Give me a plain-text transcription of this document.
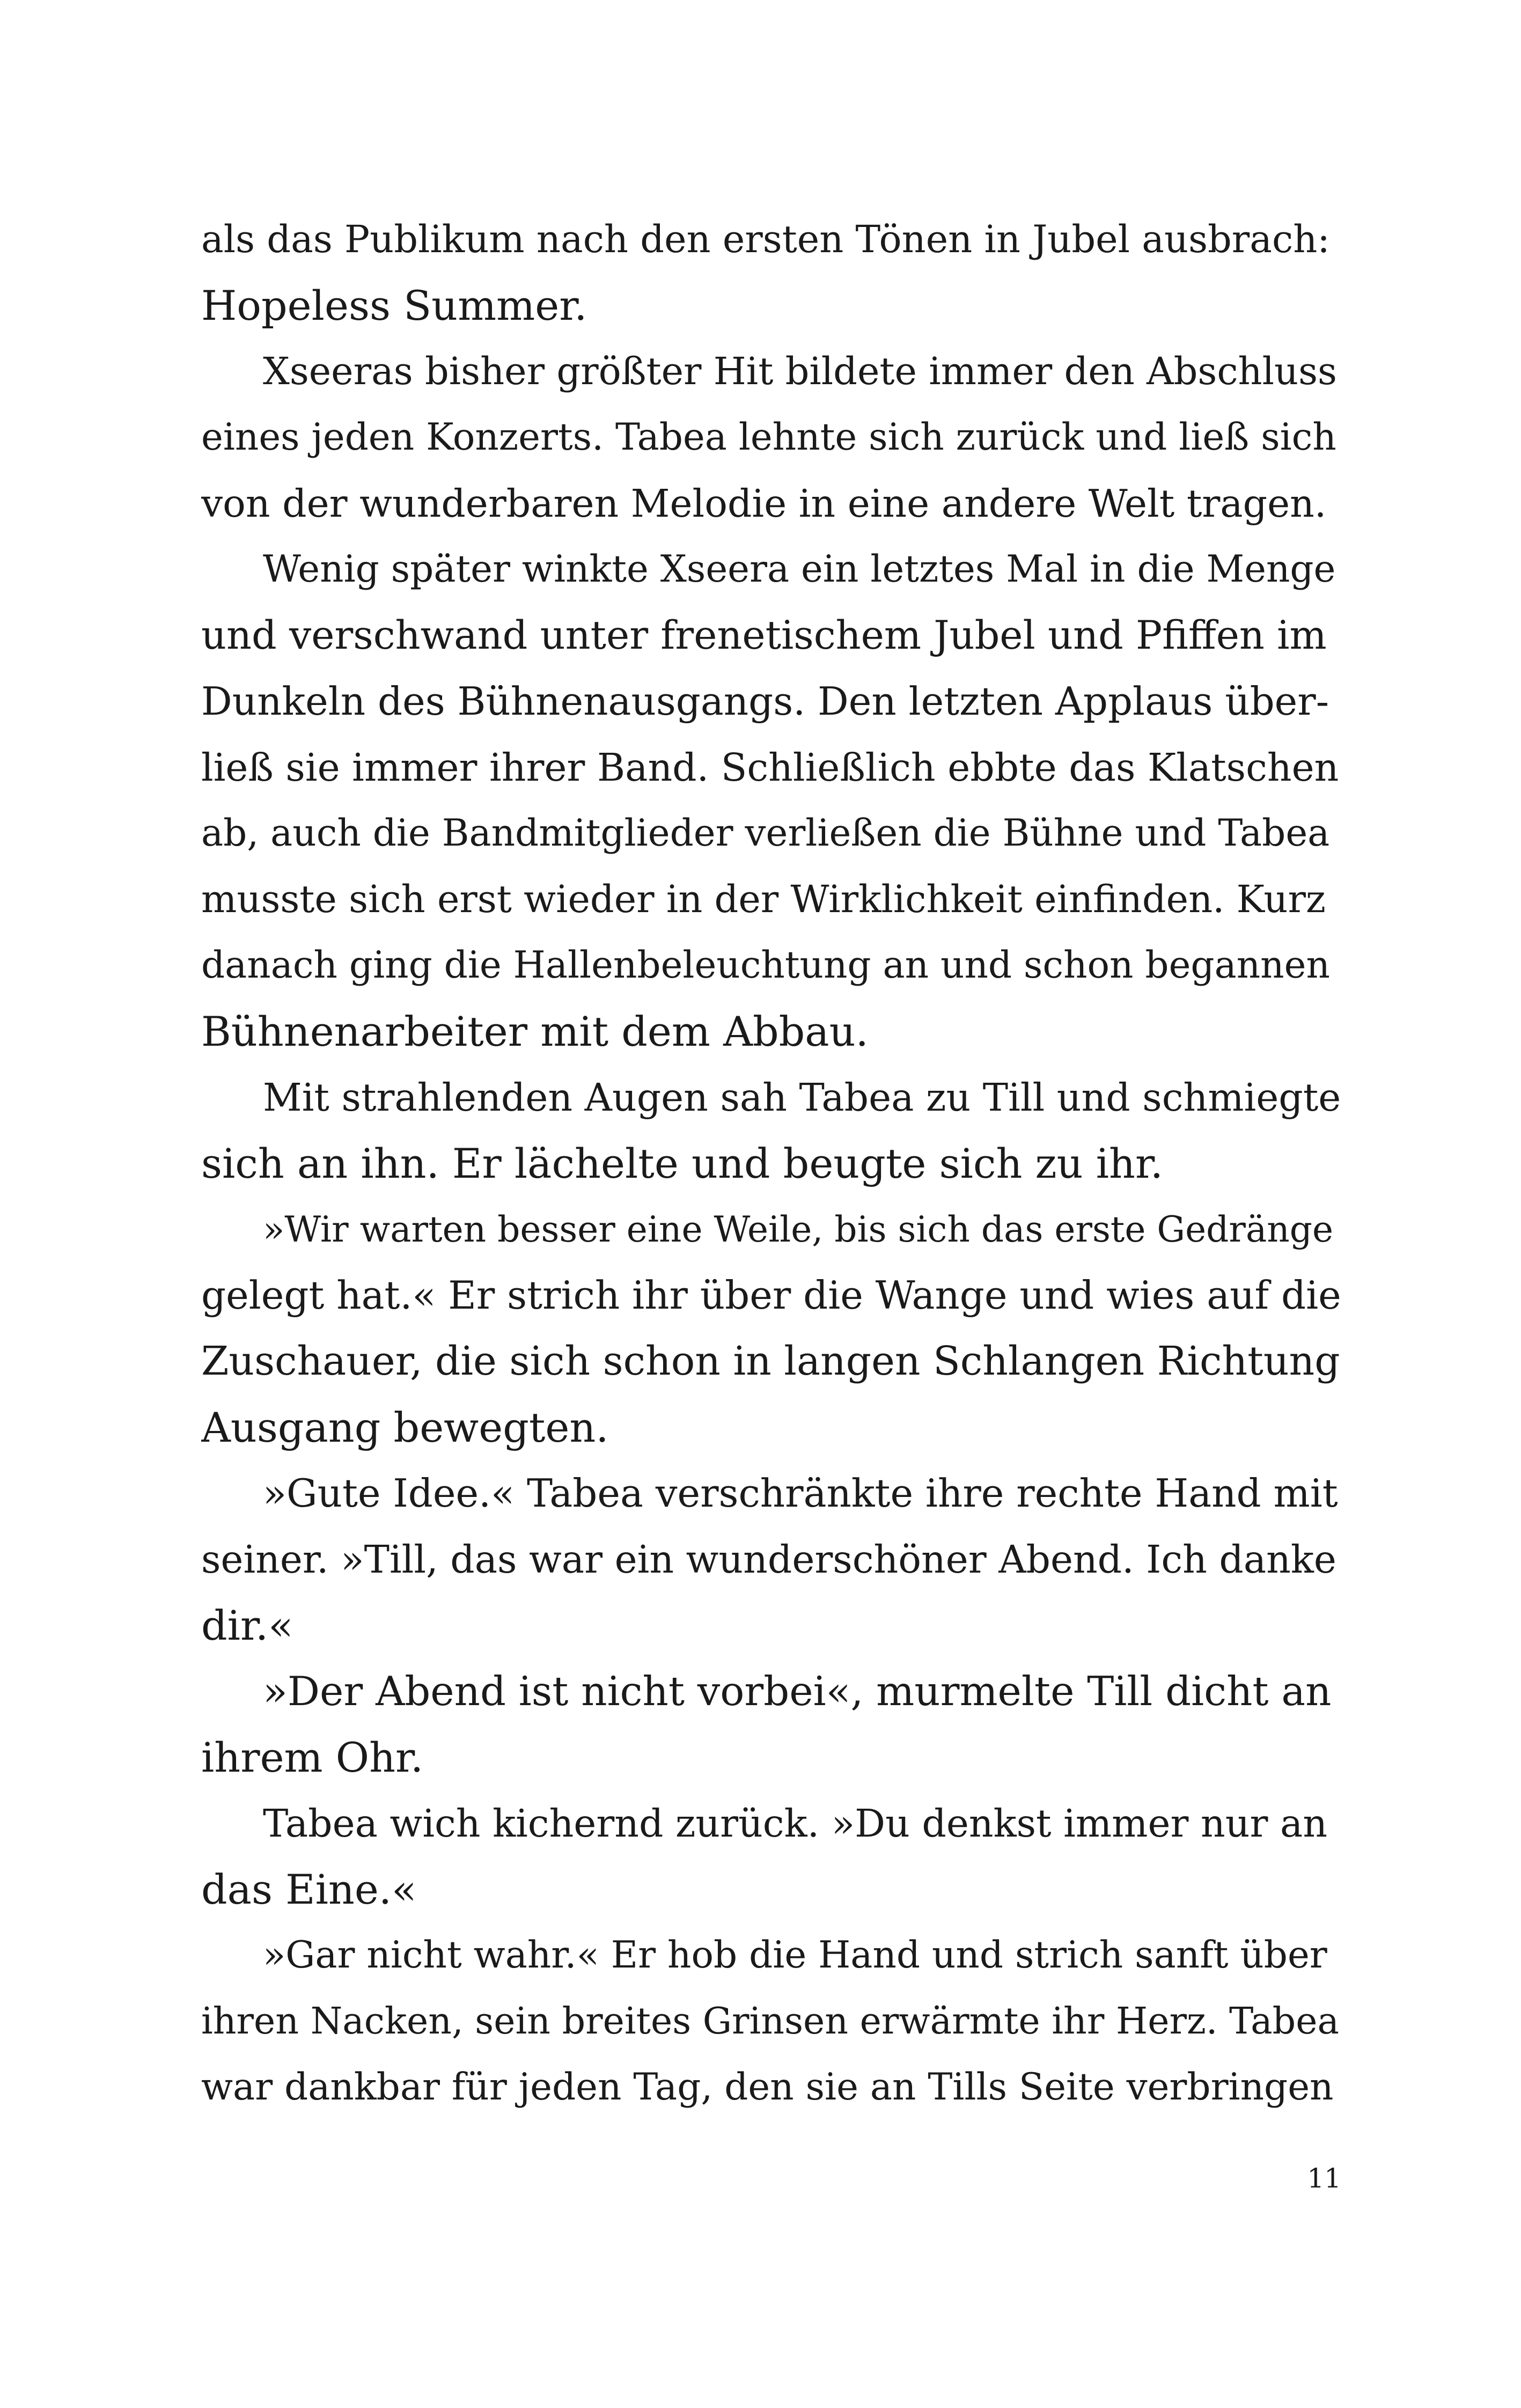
als das Publikum nach den ersten Tönen in Jubel ausbrach:
Hopeless Summer.
Xseeras bisher größter Hit bildete immer den Abschluss
eines jeden Konzerts. Tabea lehnte sich zurück und ließ sich
von der wunderbaren Melodie in eine andere Welt tragen.
Wenig später winkte Xseera ein letztes Mal in die Menge
und verschwand unter frenetischem Jubel und Pfiffen im
Dunkeln des Bühnenausgangs. Den letzten Applaus über-
ließ sie immer ihrer Band. Schließlich ebbte das Klatschen
ab, auch die Bandmitglieder verließen die Bühne und Tabea
musste sich erst wieder in der Wirklichkeit einfinden. Kurz
danach ging die Hallenbeleuchtung an und schon begannen
Bühnenarbeiter mit dem Abbau.
Mit strahlenden Augen sah Tabea zu Till und schmiegte
sich an ihn. Er lächelte und beugte sich zu ihr.
»Wir warten besser eine Weile, bis sich das erste Gedränge
gelegt hat.« Er strich ihr über die Wange und wies auf die
Zuschauer, die sich schon in langen Schlangen Richtung
Ausgang bewegten.
»Gute Idee.« Tabea verschränkte ihre rechte Hand mit
seiner. »Till, das war ein wunderschöner Abend. Ich danke
dir.«
»Der Abend ist nicht vorbei«, murmelte Till dicht an
ihrem Ohr.
Tabea wich kichernd zurück. »Du denkst immer nur an
das Eine.«
»Gar nicht wahr.« Er hob die Hand und strich sanft über
ihren Nacken, sein breites Grinsen erwärmte ihr Herz. Tabea
war dankbar für jeden Tag, den sie an Tills Seite verbringen
11
